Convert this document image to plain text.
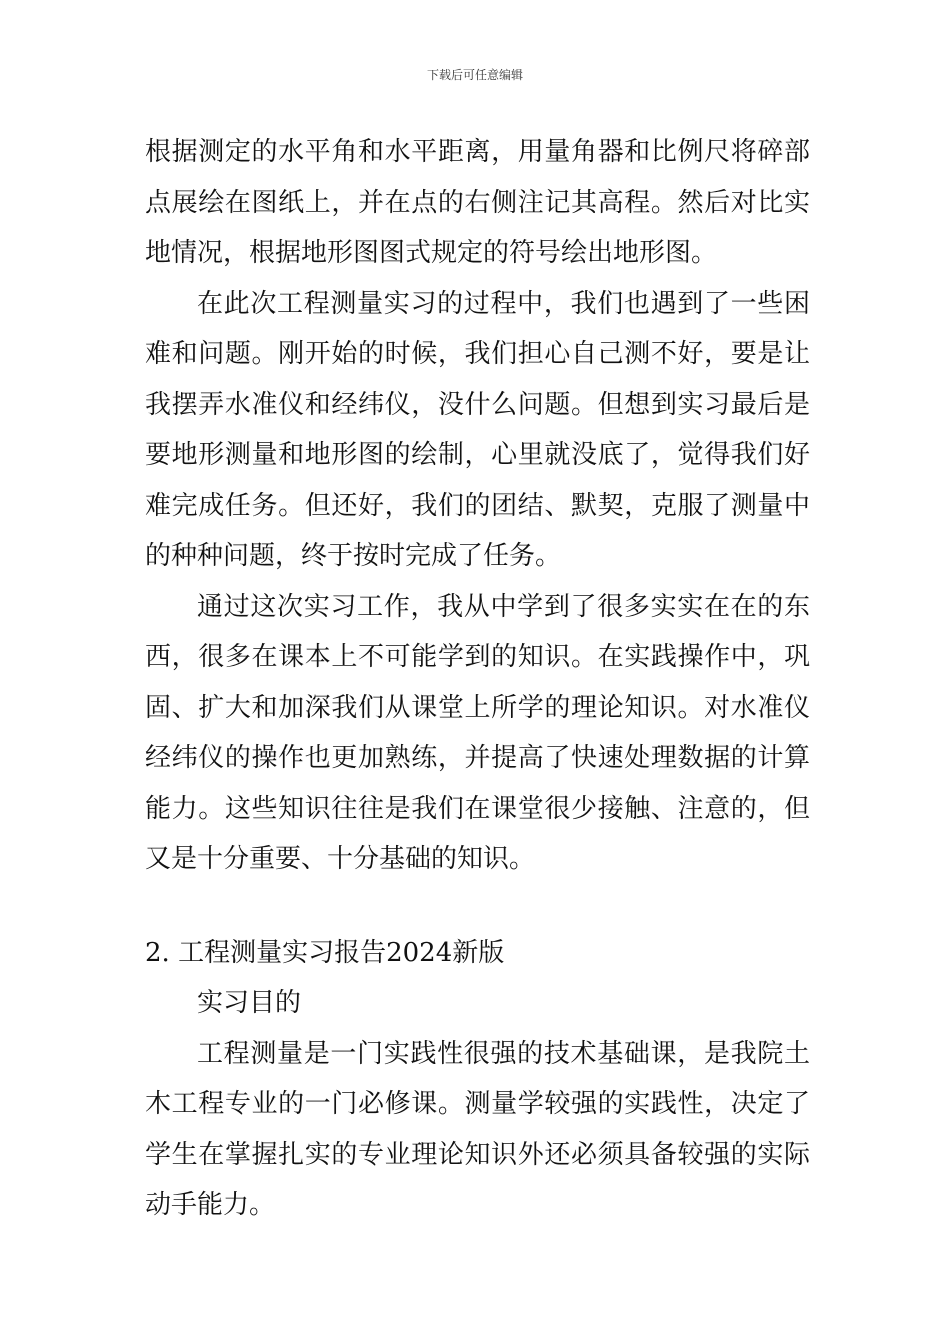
下载后可任意编辑

根据测定的水平角和水平距离，用量角器和比例尺将碎部点展绘在图纸上，并在点的右侧注记其高程。然后对比实地情况，根据地形图图式规定的符号绘出地形图。

在此次工程测量实习的过程中，我们也遇到了一些困难和问题。刚开始的时候，我们担心自己测不好，要是让我摆弄水准仪和经纬仪，没什么问题。但想到实习最后是要地形测量和地形图的绘制，心里就没底了，觉得我们好难完成任务。但还好，我们的团结、默契，克服了测量中的种种问题，终于按时完成了任务。

通过这次实习工作，我从中学到了很多实实在在的东西，很多在课本上不可能学到的知识。在实践操作中，巩固、扩大和加深我们从课堂上所学的理论知识。对水准仪经纬仪的操作也更加熟练，并提高了快速处理数据的计算能力。这些知识往往是我们在课堂很少接触、注意的，但又是十分重要、十分基础的知识。

2. 工程测量实习报告2024新版

实习目的

工程测量是一门实践性很强的技术基础课，是我院土木工程专业的一门必修课。测量学较强的实践性，决定了学生在掌握扎实的专业理论知识外还必须具备较强的实际动手能力。
